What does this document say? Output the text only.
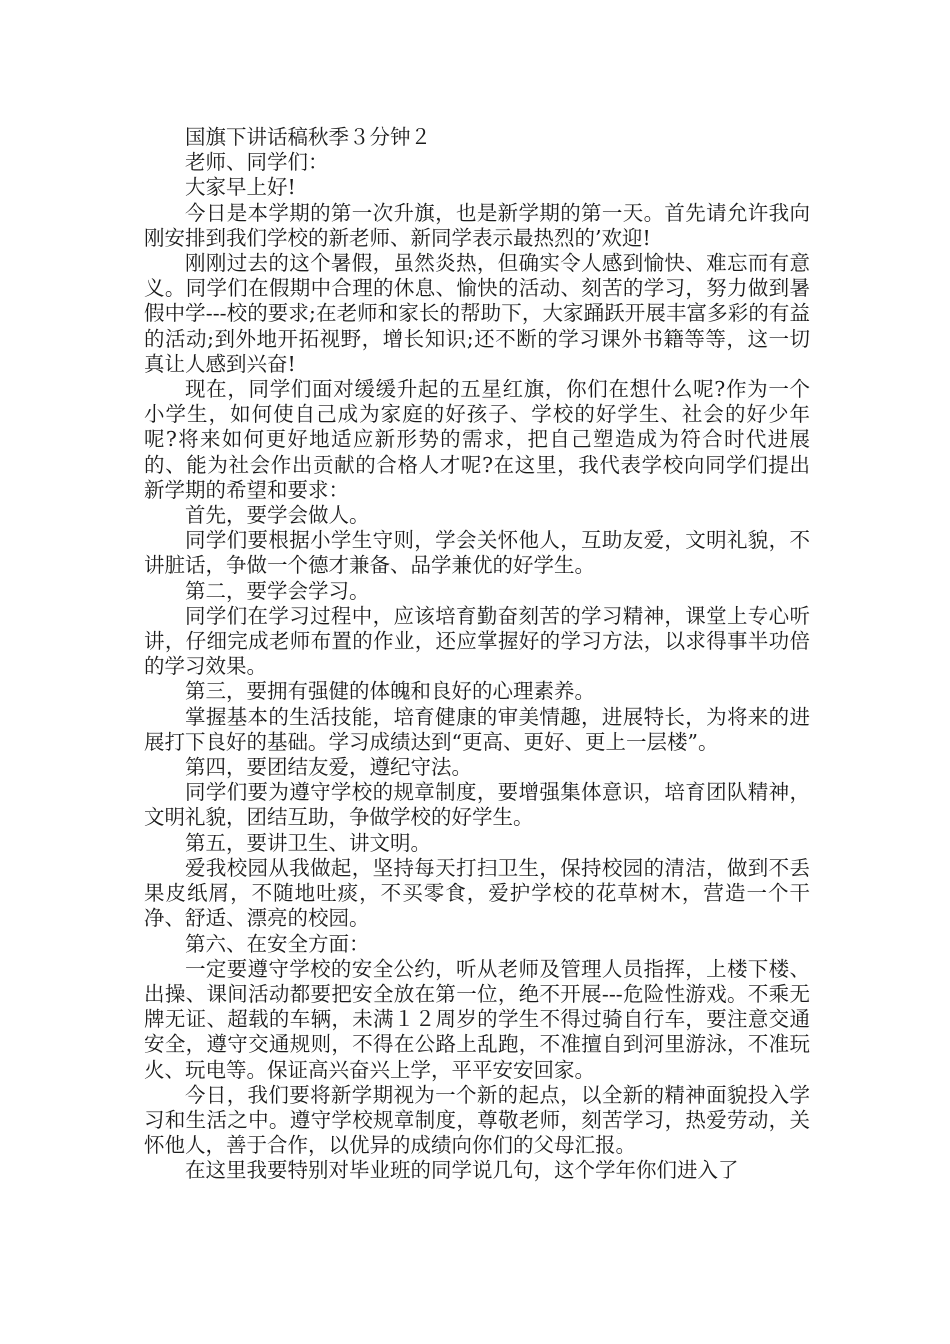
国旗下讲话稿秋季３分钟２

老师、同学们：

大家早上好!

今日是本学期的第一次升旗，也是新学期的第一天。首先请允许我向刚安排到我们学校的新老师、新同学表示最热烈的’欢迎!

刚刚过去的这个暑假，虽然炎热，但确实令人感到愉快、难忘而有意义。同学们在假期中合理的休息、愉快的活动、刻苦的学习，努力做到暑假中学---校的要求;在老师和家长的帮助下，大家踊跃开展丰富多彩的有益的活动;到外地开拓视野，增长知识;还不断的学习课外书籍等等，这一切真让人感到兴奋!

现在，同学们面对缓缓升起的五星红旗，你们在想什么呢?作为一个小学生，如何使自己成为家庭的好孩子、学校的好学生、社会的好少年呢?将来如何更好地适应新形势的需求，把自己塑造成为符合时代进展的、能为社会作出贡献的合格人才呢?在这里，我代表学校向同学们提出新学期的希望和要求：

首先，要学会做人。

同学们要根据小学生守则，学会关怀他人，互助友爱，文明礼貌，不讲脏话，争做一个德才兼备、品学兼优的好学生。

第二，要学会学习。

同学们在学习过程中，应该培育勤奋刻苦的学习精神，课堂上专心听讲，仔细完成老师布置的作业，还应掌握好的学习方法，以求得事半功倍的学习效果。

第三，要拥有强健的体魄和良好的心理素养。

掌握基本的生活技能，培育健康的审美情趣，进展特长，为将来的进展打下良好的基础。学习成绩达到“更高、更好、更上一层楼”。

第四，要团结友爱，遵纪守法。

同学们要为遵守学校的规章制度，要增强集体意识，培育团队精神，文明礼貌，团结互助，争做学校的好学生。

第五，要讲卫生、讲文明。

爱我校园从我做起，坚持每天打扫卫生，保持校园的清洁，做到不丢果皮纸屑，不随地吐痰，不买零食，爱护学校的花草树木，营造一个干净、舒适、漂亮的校园。

第六、在安全方面：

一定要遵守学校的安全公约，听从老师及管理人员指挥，上楼下楼、出操、课间活动都要把安全放在第一位，绝不开展---危险性游戏。不乘无牌无证、超载的车辆，未满１２周岁的学生不得过骑自行车，要注意交通安全，遵守交通规则，不得在公路上乱跑，不准擅自到河里游泳，不准玩火、玩电等。保证高兴奋兴上学，平平安安回家。

今日，我们要将新学期视为一个新的起点，以全新的精神面貌投入学习和生活之中。遵守学校规章制度，尊敬老师，刻苦学习，热爱劳动，关怀他人，善于合作，以优异的成绩向你们的父母汇报。

在这里我要特别对毕业班的同学说几句，这个学年你们进入了
